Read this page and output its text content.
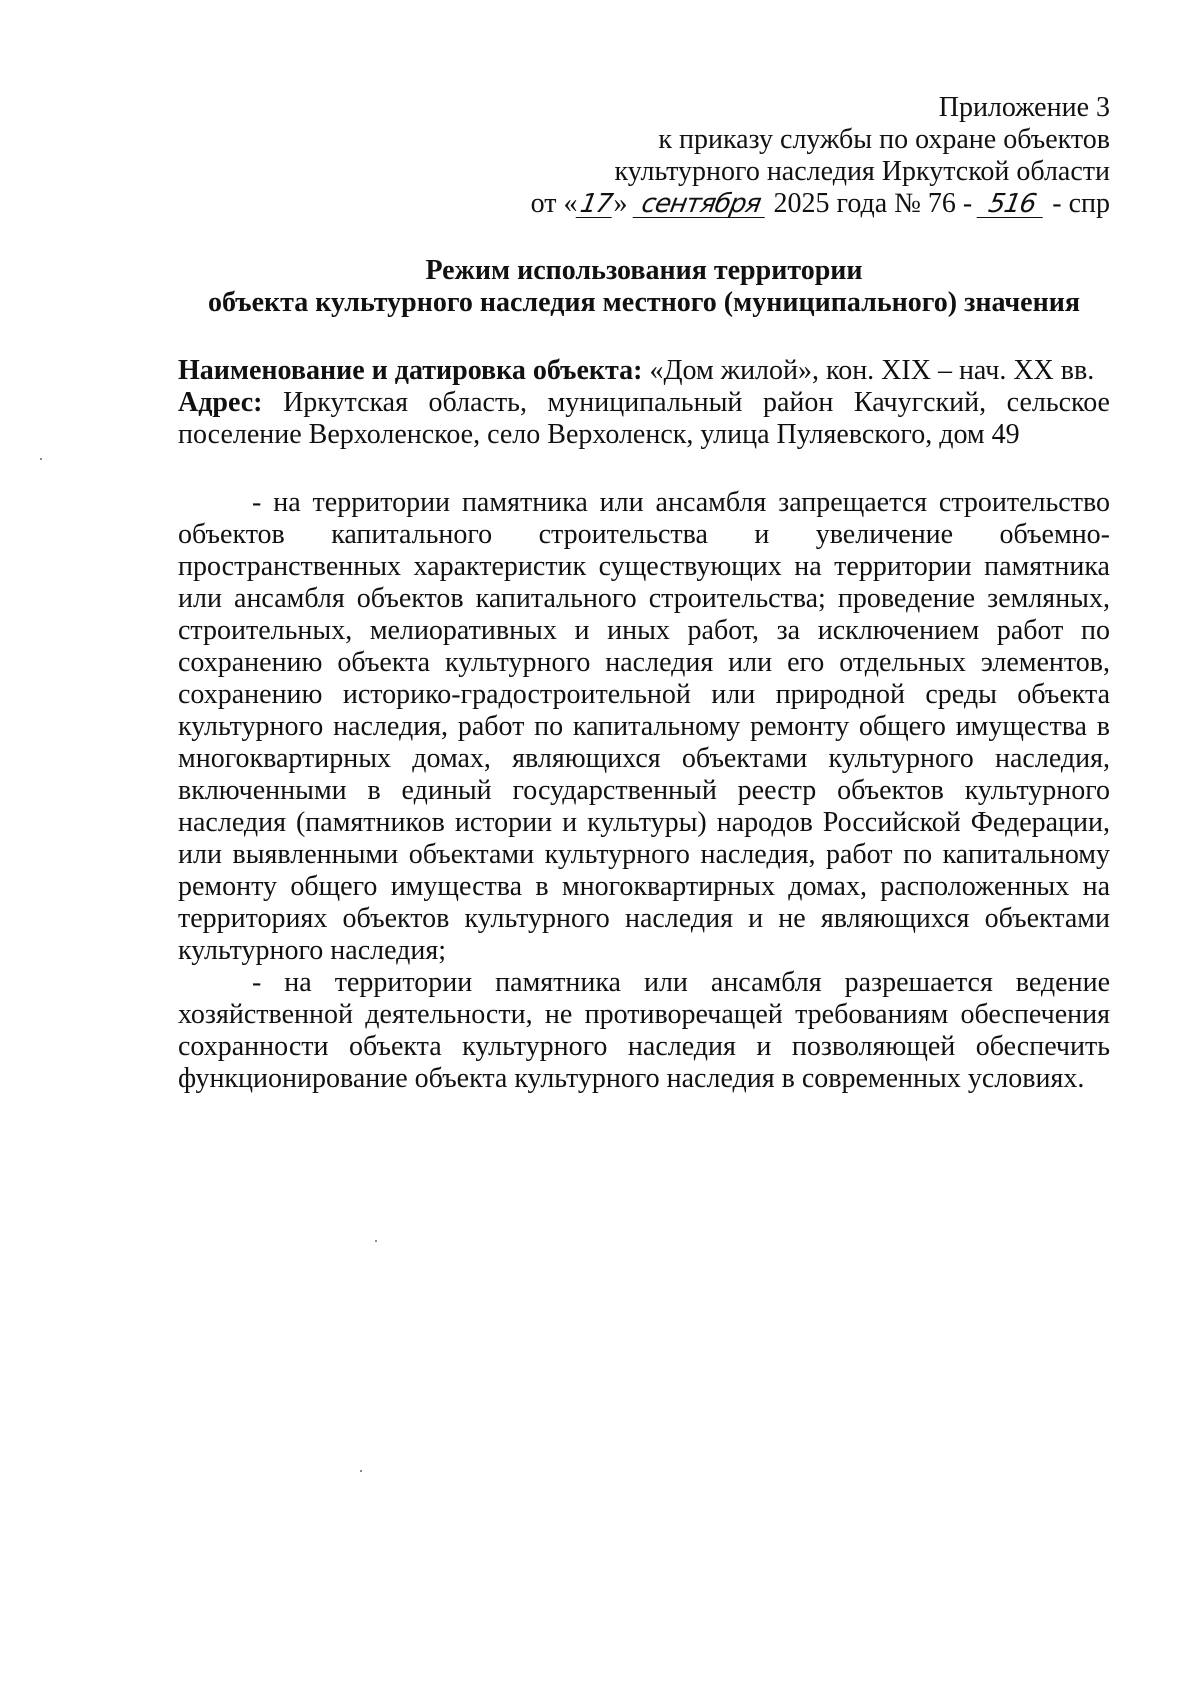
Приложение 3
к приказу службы по охране объектов
культурного наследия Иркутской области
от «17» сентября 2025 года № 76 - 516 - спр
Режим использования территории
объекта культурного наследия местного (муниципального) значения

Наименование и датировка объекта: «Дом жилой», кон. XIX – нач. XX вв.

Адрес: Иркутская область, муниципальный район Качугский, сельское поселение Верхоленское, село Верхоленск, улица Пуляевского, дом 49

- на территории памятника или ансамбля запрещается строительство объектов капитального строительства и увеличение объемно-пространственных характеристик существующих на территории памятника или ансамбля объектов капитального строительства; проведение земляных, строительных, мелиоративных и иных работ, за исключением работ по сохранению объекта культурного наследия или его отдельных элементов, сохранению историко-градостроительной или природной среды объекта культурного наследия, работ по капитальному ремонту общего имущества в многоквартирных домах, являющихся объектами культурного наследия, включенными в единый государственный реестр объектов культурного наследия (памятников истории и культуры) народов Российской Федерации, или выявленными объектами культурного наследия, работ по капитальному ремонту общего имущества в многоквартирных домах, расположенных на территориях объектов культурного наследия и не являющихся объектами культурного наследия;

- на территории памятника или ансамбля разрешается ведение хозяйственной деятельности, не противоречащей требованиям обеспечения сохранности объекта культурного наследия и позволяющей обеспечить функционирование объекта культурного наследия в современных условиях.
